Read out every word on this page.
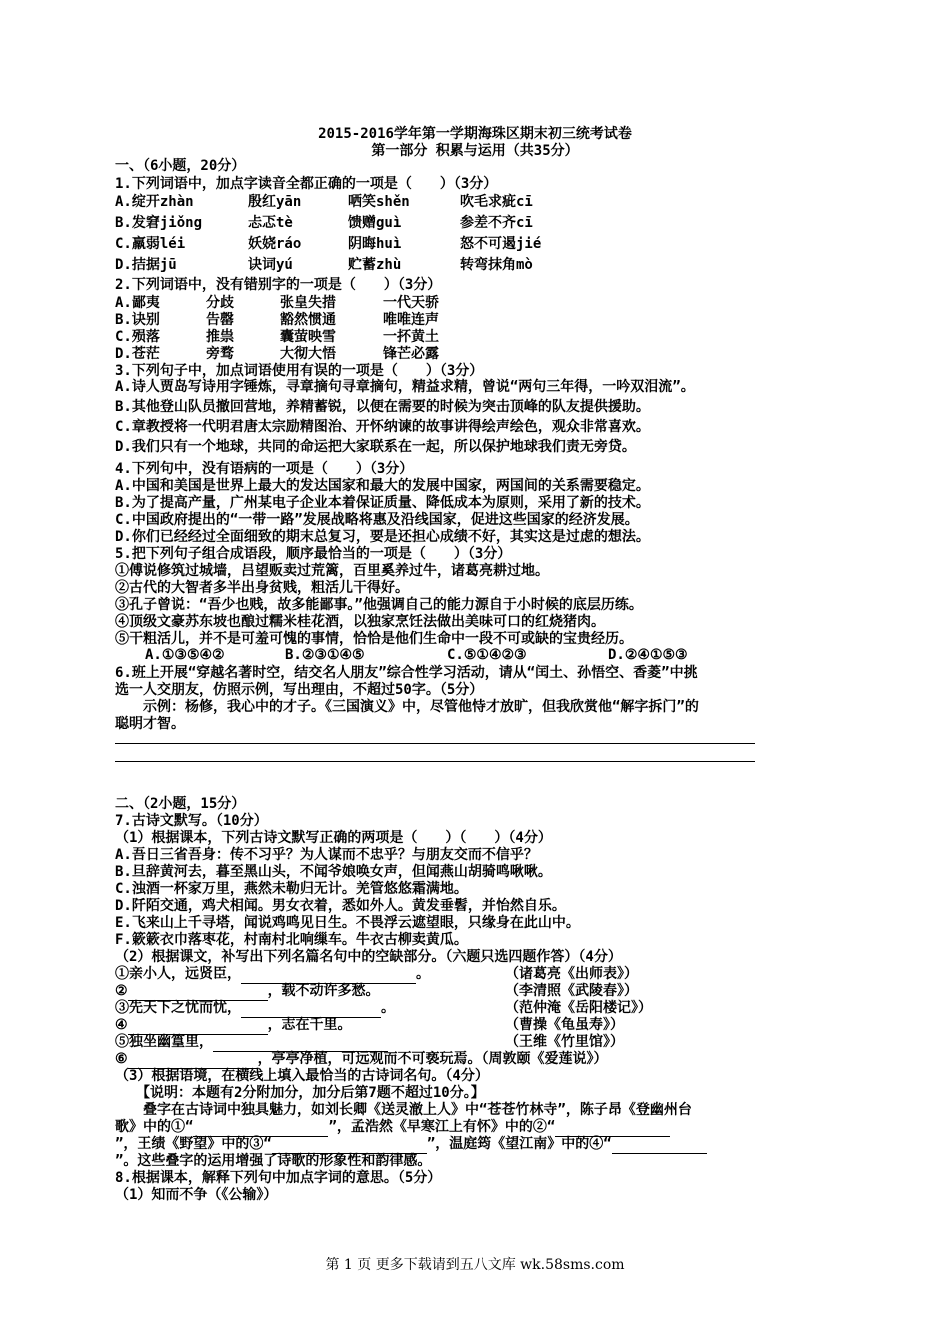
2015-2016学年第一学期海珠区期末初三统考试卷
第一部分 积累与运用（共35分）
一、（6小题，20分）
1.下列词语中，加点字读音全都正确的一项是（　　）（3分）
A.绽开zhàn	殷红yān	哂笑shěn	吹毛求疵cī
B.发窘jiǒng	忐忑tè	馈赠guì	参差不齐cī
C.羸弱léi	妖娆ráo	阴晦huì	怒不可遏jié
D.拮据jū	诀词yú	贮蓄zhù	转弯抹角mò
2.下列词语中，没有错别字的一项是（　　）（3分）
A.鄙夷	分歧	张皇失措	一代天骄
B.诀别	告罄	豁然惯通	唯唯连声
C.殒落	推祟	囊萤映雪	一抔黄土
D.苍茫	旁骛	大彻大悟	锋芒必露
3.下列句子中，加点词语使用有误的一项是（　　）（3分）
A.诗人贾岛写诗用字锤炼，寻章摘句寻章摘句，精益求精，曾说“两句三年得，一吟双泪流”。
B.其他登山队员撤回营地，养精蓄锐，以便在需要的时候为突击顶峰的队友提供援助。
C.章教授将一代明君唐太宗励精图治、开怀纳谏的故事讲得绘声绘色，观众非常喜欢。
D.我们只有一个地球，共同的命运把大家联系在一起，所以保护地球我们责无旁贷。
4.下列句中，没有语病的一项是（　　）（3分）
A.中国和美国是世界上最大的发达国家和最大的发展中国家，两国间的关系需要稳定。
B.为了提高产量，广州某电子企业本着保证质量、降低成本为原则，采用了新的技术。
C.中国政府提出的“一带一路”发展战略将惠及沿线国家，促进这些国家的经济发展。
D.你们已经经过全面细致的期末总复习，要是还担心成绩不好，其实这是过虑的想法。
5.把下列句子组合成语段，顺序最恰当的一项是（　　）（3分）
①傅说修筑过城墙，吕望贩卖过荒篱，百里奚养过牛，诸葛亮耕过地。
②古代的大智者多半出身贫贱，粗活儿干得好。
③孔子曾说：“吾少也贱，故多能鄙事。”他强调自己的能力源自于小时候的底层历练。
④顶级文豪苏东坡也酿过糯米桂花酒，以独家烹饪法做出美味可口的红烧猪肉。
⑤干粗活儿，并不是可羞可愧的事情，恰恰是他们生命中一段不可或缺的宝贵经历。
A.①③⑤④②	B.②③①④⑤	C.⑤①④②③	D.②④①⑤③
6.班上开展“穿越名著时空，结交名人朋友”综合性学习活动，请从“闰土、孙悟空、香菱”中挑
选一人交朋友，仿照示例，写出理由，不超过50字。（5分）
　　示例：杨修，我心中的才子。《三国演义》中，尽管他恃才放旷，但我欣赏他“解字拆门”的
聪明才智。
二、（2小题，15分）
7.古诗文默写。（10分）
（1）根据课本，下列古诗文默写正确的两项是（　　）（　　）（4分）
A.吾日三省吾身：传不习乎？为人谋而不忠乎？与朋友交而不信乎？
B.旦辞黄河去，暮至黑山头，不闻爷娘唤女声，但闻燕山胡骑鸣啾啾。
C.浊酒一杯家万里，燕然未勒归无计。羌管悠悠霜满地。
D.阡陌交通，鸡犬相闻。男女衣着，悉如外人。黄发垂髫，并怡然自乐。
E.飞来山上千寻塔，闻说鸡鸣见日生。不畏浮云遮望眼，只缘身在此山中。
F.簌簌衣巾落枣花，村南村北响缫车。牛衣古柳卖黄瓜。
（2）根据课文，补写出下列名篇名句中的空缺部分。（六题只选四题作答）（4分）
①亲小人，远贤臣，	。	（诸葛亮《出师表》）
②	，载不动许多愁。	（李清照《武陵春》）
③先天下之忧而忧，	。	（范仲淹《岳阳楼记》）
④	，志在千里。	（曹操《龟虽寿》）
⑤独坐幽篁里，	（王维《竹里馆》）
⑥	，亭亭净植，可远观而不可亵玩焉。（周敦颐《爱莲说》）
（3）根据语境，在横线上填入最恰当的古诗词名句。（4分）
　　【说明：本题有2分附加分，加分后第7题不超过10分。】
　　叠字在古诗词中独具魅力，如刘长卿《送灵澈上人》中“苍苍竹林寺”，陈子昂《登幽州台
歌》中的①“	”，孟浩然《早寒江上有怀》中的②“
”，王绩《野望》中的③“	”，温庭筠《望江南》中的④“
”。这些叠字的运用增强了诗歌的形象性和韵律感。
8.根据课本，解释下列句中加点字词的意思。（5分）
（1）知而不争（《公输》）
第 1 页 更多下载请到五八文库 wk.58sms.com
